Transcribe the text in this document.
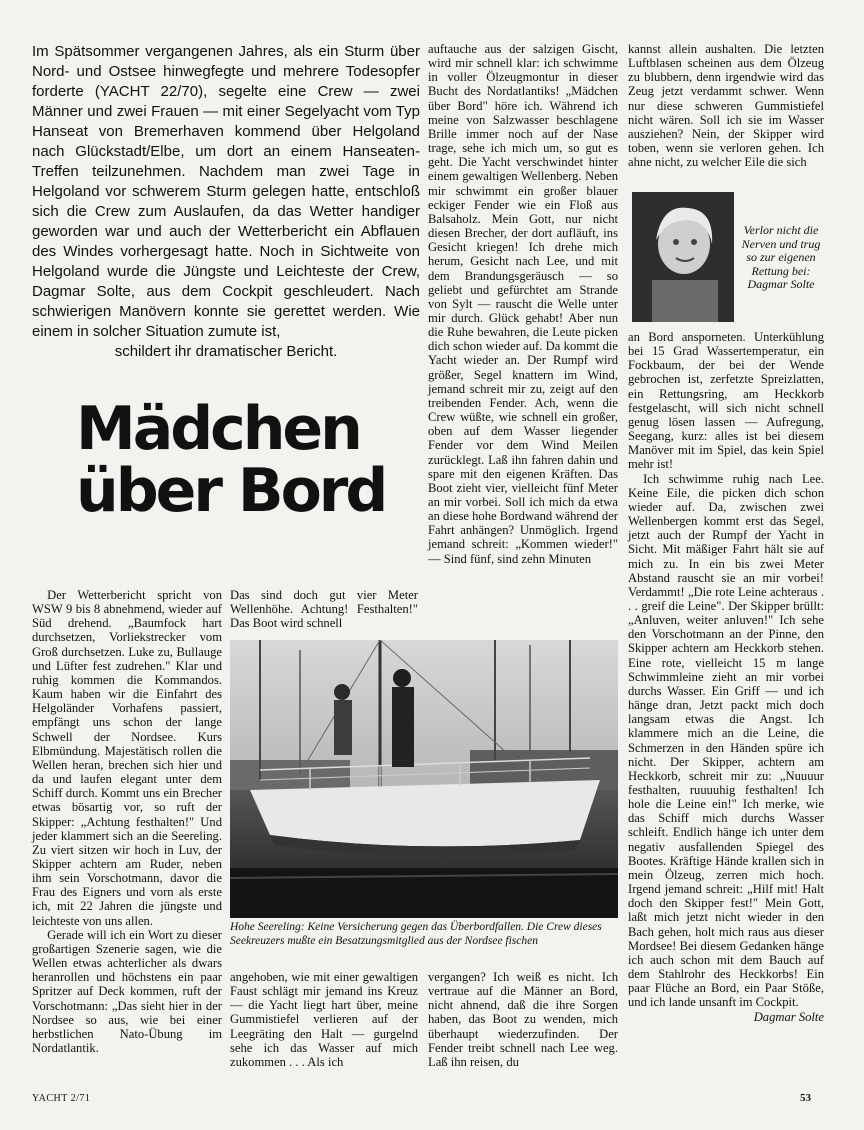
Im Spätsommer vergangenen Jahres, als ein Sturm über Nord- und Ostsee hinwegfegte und mehrere Todesopfer forderte (YACHT 22/70), segelte eine Crew — zwei Männer und zwei Frauen — mit einer Segelyacht vom Typ Hanseat von Bremerhaven kommend über Helgoland nach Glückstadt/Elbe, um dort an einem Hanseaten-Treffen teilzunehmen. Nachdem man zwei Tage in Helgoland vor schwerem Sturm gelegen hatte, entschloß sich die Crew zum Auslaufen, da das Wetter handiger geworden war und auch der Wetterbericht ein Abflauen des Windes vorhergesagt hatte. Noch in Sichtweite von Helgoland wurde die Jüngste und Leichteste der Crew, Dagmar Solte, aus dem Cockpit geschleudert. Nach schwierigen Manövern konnte sie gerettet werden. Wie einem in solcher Situation zumute ist,
schildert ihr dramatischer Bericht.
Mädchen
über Bord

Der Wetterbericht spricht von WSW 9 bis 8 abnehmend, wieder auf Süd drehend. „Baumfock hart durchsetzen, Vorliekstrecker vom Groß durchsetzen. Luke zu, Bullauge und Lüfter fest zudrehen." Klar und ruhig kommen die Kommandos. Kaum haben wir die Einfahrt des Helgoländer Vorhafens passiert, empfängt uns schon der lange Schwell der Nordsee. Kurs Elbmündung. Majestätisch rollen die Wellen heran, brechen sich hier und da und laufen elegant unter dem Schiff durch. Kommt uns ein Brecher etwas bösartig vor, so ruft der Skipper: „Achtung festhalten!" Und jeder klammert sich an die Seereling. Zu viert sitzen wir hoch in Luv, der Skipper achtern am Ruder, neben ihm sein Vorschotmann, davor die Frau des Eigners und vorn als erste ich, mit 22 Jahren die jüngste und leichteste von uns allen.

Gerade will ich ein Wort zu dieser großartigen Szenerie sagen, wie die Wellen etwas achterlicher als dwars heranrollen und höchstens ein paar Spritzer auf Deck kommen, ruft der Vorschotmann: „Das sieht hier in der Nordsee so aus, wie bei einer herbstlichen Nato-Übung im Nordatlantik.

Das sind doch gut vier Meter Wellenhöhe. Achtung! Festhalten!" Das Boot wird schnell

Hohe Seereling: Keine Versicherung gegen das Überbordfallen. Die Crew dieses Seekreuzers mußte ein Besatzungsmitglied aus der Nordsee fischen

angehoben, wie mit einer gewaltigen Faust schlägt mir jemand ins Kreuz — die Yacht liegt hart über, meine Gummistiefel verlieren auf der Leegräting den Halt — gurgelnd sehe ich das Wasser auf mich zukommen . . . Als ich

auftauche aus der salzigen Gischt, wird mir schnell klar: ich schwimme in voller Ölzeugmontur in dieser Bucht des Nordatlantiks! „Mädchen über Bord" höre ich. Während ich meine von Salzwasser beschlagene Brille immer noch auf der Nase trage, sehe ich mich um, so gut es geht. Die Yacht verschwindet hinter einem gewaltigen Wellenberg. Neben mir schwimmt ein großer blauer eckiger Fender wie ein Floß aus Balsaholz. Mein Gott, nur nicht diesen Brecher, der dort aufläuft, ins Gesicht kriegen! Ich drehe mich herum, Gesicht nach Lee, und mit dem Brandungsgeräusch — so geliebt und gefürchtet am Strande von Sylt — rauscht die Welle unter mir durch. Glück gehabt! Aber nun die Ruhe bewahren, die Leute picken dich schon wieder auf. Da kommt die Yacht wieder an. Der Rumpf wird größer, Segel knattern im Wind, jemand schreit mir zu, zeigt auf den treibenden Fender. Ach, wenn die Crew wüßte, wie schnell ein großer, oben auf dem Wasser liegender Fender vor dem Wind Meilen zurücklegt. Laß ihn fahren dahin und spare mit den eigenen Kräften. Das Boot zieht vier, vielleicht fünf Meter an mir vorbei. Soll ich mich da etwa an diese hohe Bordwand während der Fahrt anhängen? Unmöglich. Irgend jemand schreit: „Kommen wieder!" — Sind fünf, sind zehn Minuten

vergangen? Ich weiß es nicht. Ich vertraue auf die Männer an Bord, nicht ahnend, daß die ihre Sorgen haben, das Boot zu wenden, mich überhaupt wiederzufinden. Der Fender treibt schnell nach Lee weg. Laß ihn reisen, du

kannst allein aushalten. Die letzten Luftblasen scheinen aus dem Ölzeug zu blubbern, denn irgendwie wird das Zeug jetzt verdammt schwer. Wenn nur diese schweren Gummistiefel nicht wären. Soll ich sie im Wasser ausziehen? Nein, der Skipper wird toben, wenn sie verloren gehen. Ich ahne nicht, zu welcher Eile die sich

Verlor nicht die Nerven und trug so zur eigenen Rettung bei: Dagmar Solte

an Bord ansporneten. Unterkühlung bei 15 Grad Wassertemperatur, ein Fockbaum, der bei der Wende gebrochen ist, zerfetzte Spreizlatten, ein Rettungsring, am Heckkorb festgelascht, will sich nicht schnell genug lösen lassen — Aufregung, Seegang, kurz: alles ist bei diesem Manöver mit im Spiel, das kein Spiel mehr ist!

Ich schwimme ruhig nach Lee. Keine Eile, die picken dich schon wieder auf. Da, zwischen zwei Wellenbergen kommt erst das Segel, jetzt auch der Rumpf der Yacht in Sicht. Mit mäßiger Fahrt hält sie auf mich zu. In ein bis zwei Meter Abstand rauscht sie an mir vorbei! Verdammt! „Die rote Leine achteraus . . . greif die Leine". Der Skipper brüllt: „Anluven, weiter anluven!" Ich sehe den Vorschotmann an der Pinne, den Skipper achtern am Heckkorb stehen. Eine rote, vielleicht 15 m lange Schwimmleine zieht an mir vorbei durchs Wasser. Ein Griff — und ich hänge dran, Jetzt packt mich doch langsam etwas die Angst. Ich klammere mich an die Leine, die Schmerzen in den Händen spüre ich nicht. Der Skipper, achtern am Heckkorb, schreit mir zu: „Nuuuur festhalten, ruuuuhig festhalten! Ich hole die Leine ein!" Ich merke, wie das Schiff mich durchs Wasser schleift. Endlich hänge ich unter dem negativ ausfallenden Spiegel des Bootes. Kräftige Hände krallen sich in mein Ölzeug, zerren mich hoch. Irgend jemand schreit: „Hilf mit! Halt doch den Skipper fest!" Mein Gott, laßt mich jetzt nicht wieder in den Bach gehen, holt mich raus aus dieser Mordsee! Bei diesem Gedanken hänge ich auch schon mit dem Bauch auf dem Stahlrohr des Heckkorbs! Ein paar Flüche an Bord, ein Paar Stöße, und ich lande unsanft im Cockpit.

Dagmar Solte

YACHT 2/71	53
